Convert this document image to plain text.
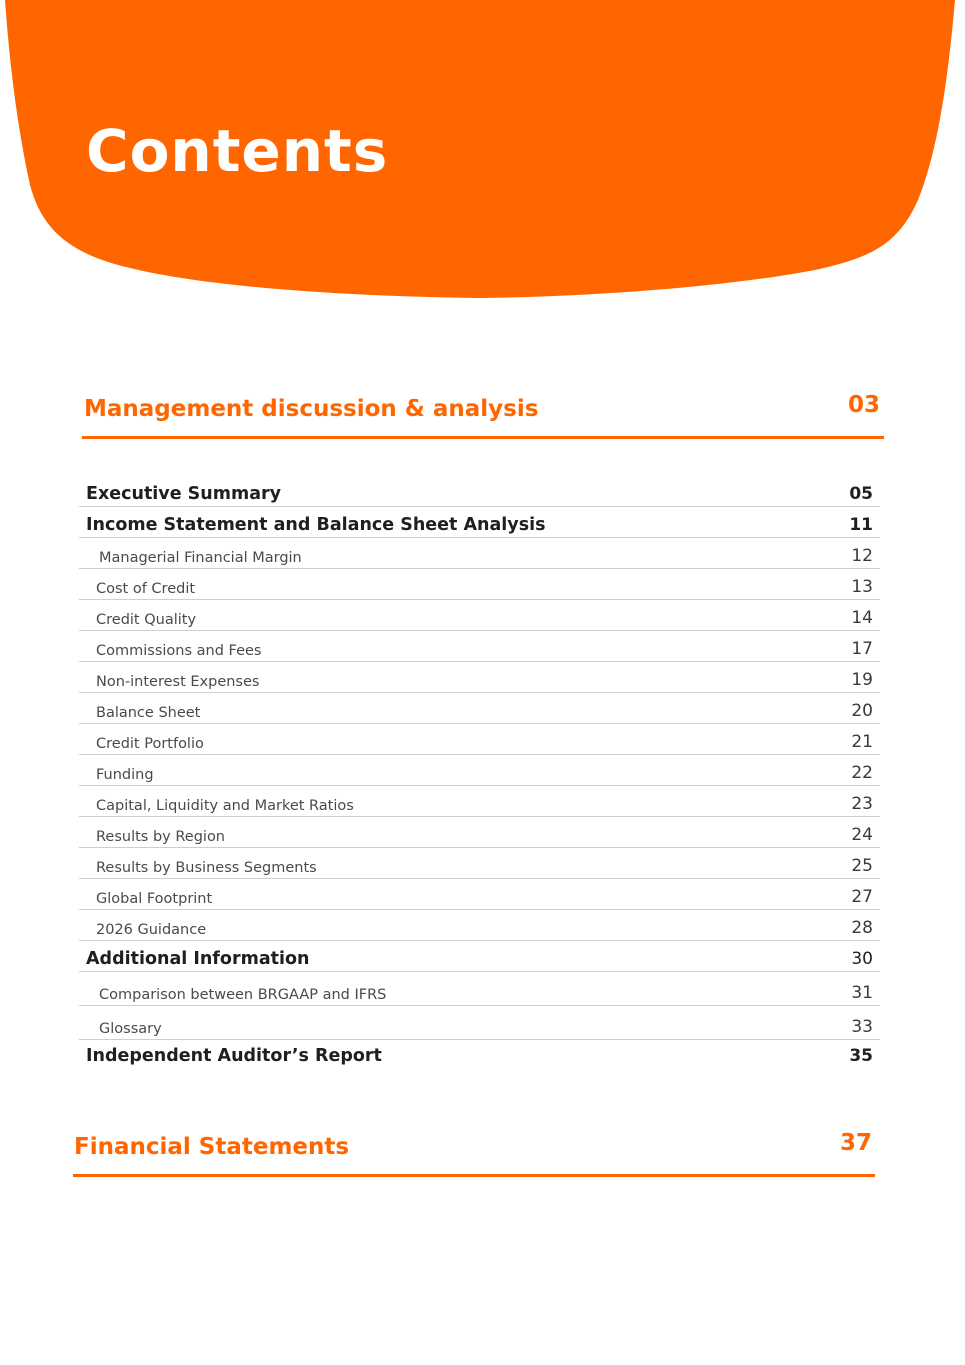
Contents
Management discussion & analysis	03
Executive Summary	05
Income Statement and Balance Sheet Analysis	11
Managerial Financial Margin	12
Cost of Credit	13
Credit Quality	14
Commissions and Fees	17
Non-interest Expenses	19
Balance Sheet	20
Credit Portfolio	21
Funding	22
Capital, Liquidity and Market Ratios	23
Results by Region	24
Results by Business Segments	25
Global Footprint	27
2026 Guidance	28
Additional Information	30
Comparison between BRGAAP and IFRS	31
Glossary	33
Independent Auditor’s Report	35
Financial Statements	37
